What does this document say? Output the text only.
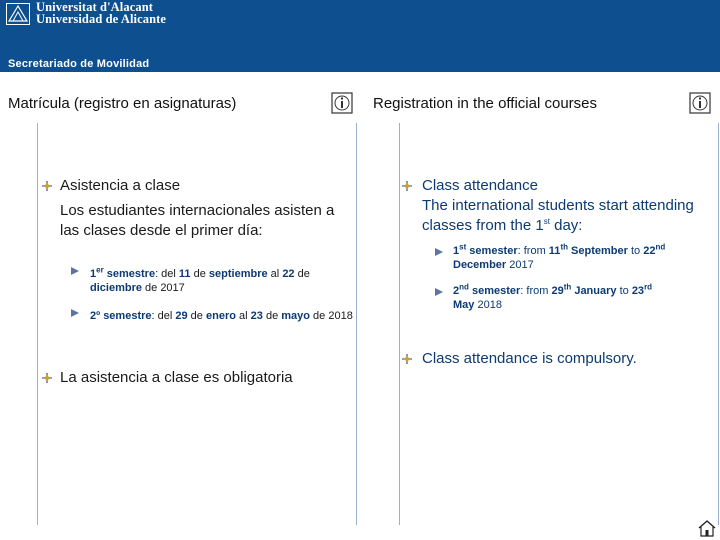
Universitat d'Alacant
Universidad de Alicante
Secretariado de Movilidad
Matrícula (registro en asignaturas)	Registration in the official courses
Asistencia a clase
Los estudiantes internacionales asisten a las clases desde el primer día:
1er semestre: del 11 de septiembre al 22 de diciembre de 2017
2º semestre: del 29 de enero al 23 de mayo de 2018
La asistencia a clase es obligatoria
Class attendance
The international students start attending classes from the 1st day:
1st semester: from 11th September to 22nd
December 2017
2nd semester: from 29th January to 23rd
May 2018
Class attendance is compulsory.
